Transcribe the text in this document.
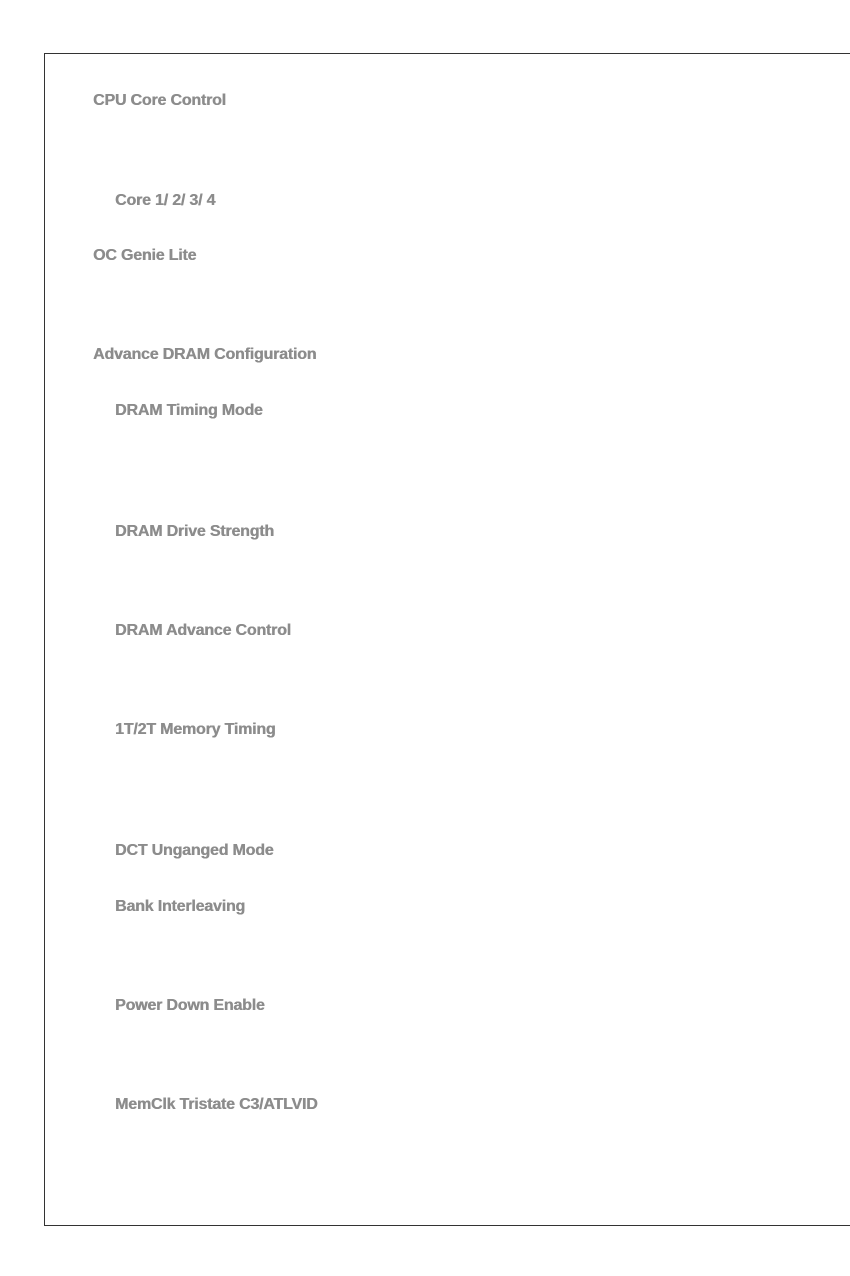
CPU Core Control
Core 1/ 2/ 3/ 4
OC Genie Lite
Advance DRAM Configuration
DRAM Timing Mode
DRAM Drive Strength
DRAM Advance Control
1T/2T Memory Timing
DCT Unganged Mode
Bank Interleaving
Power Down Enable
MemClk Tristate C3/ATLVID
